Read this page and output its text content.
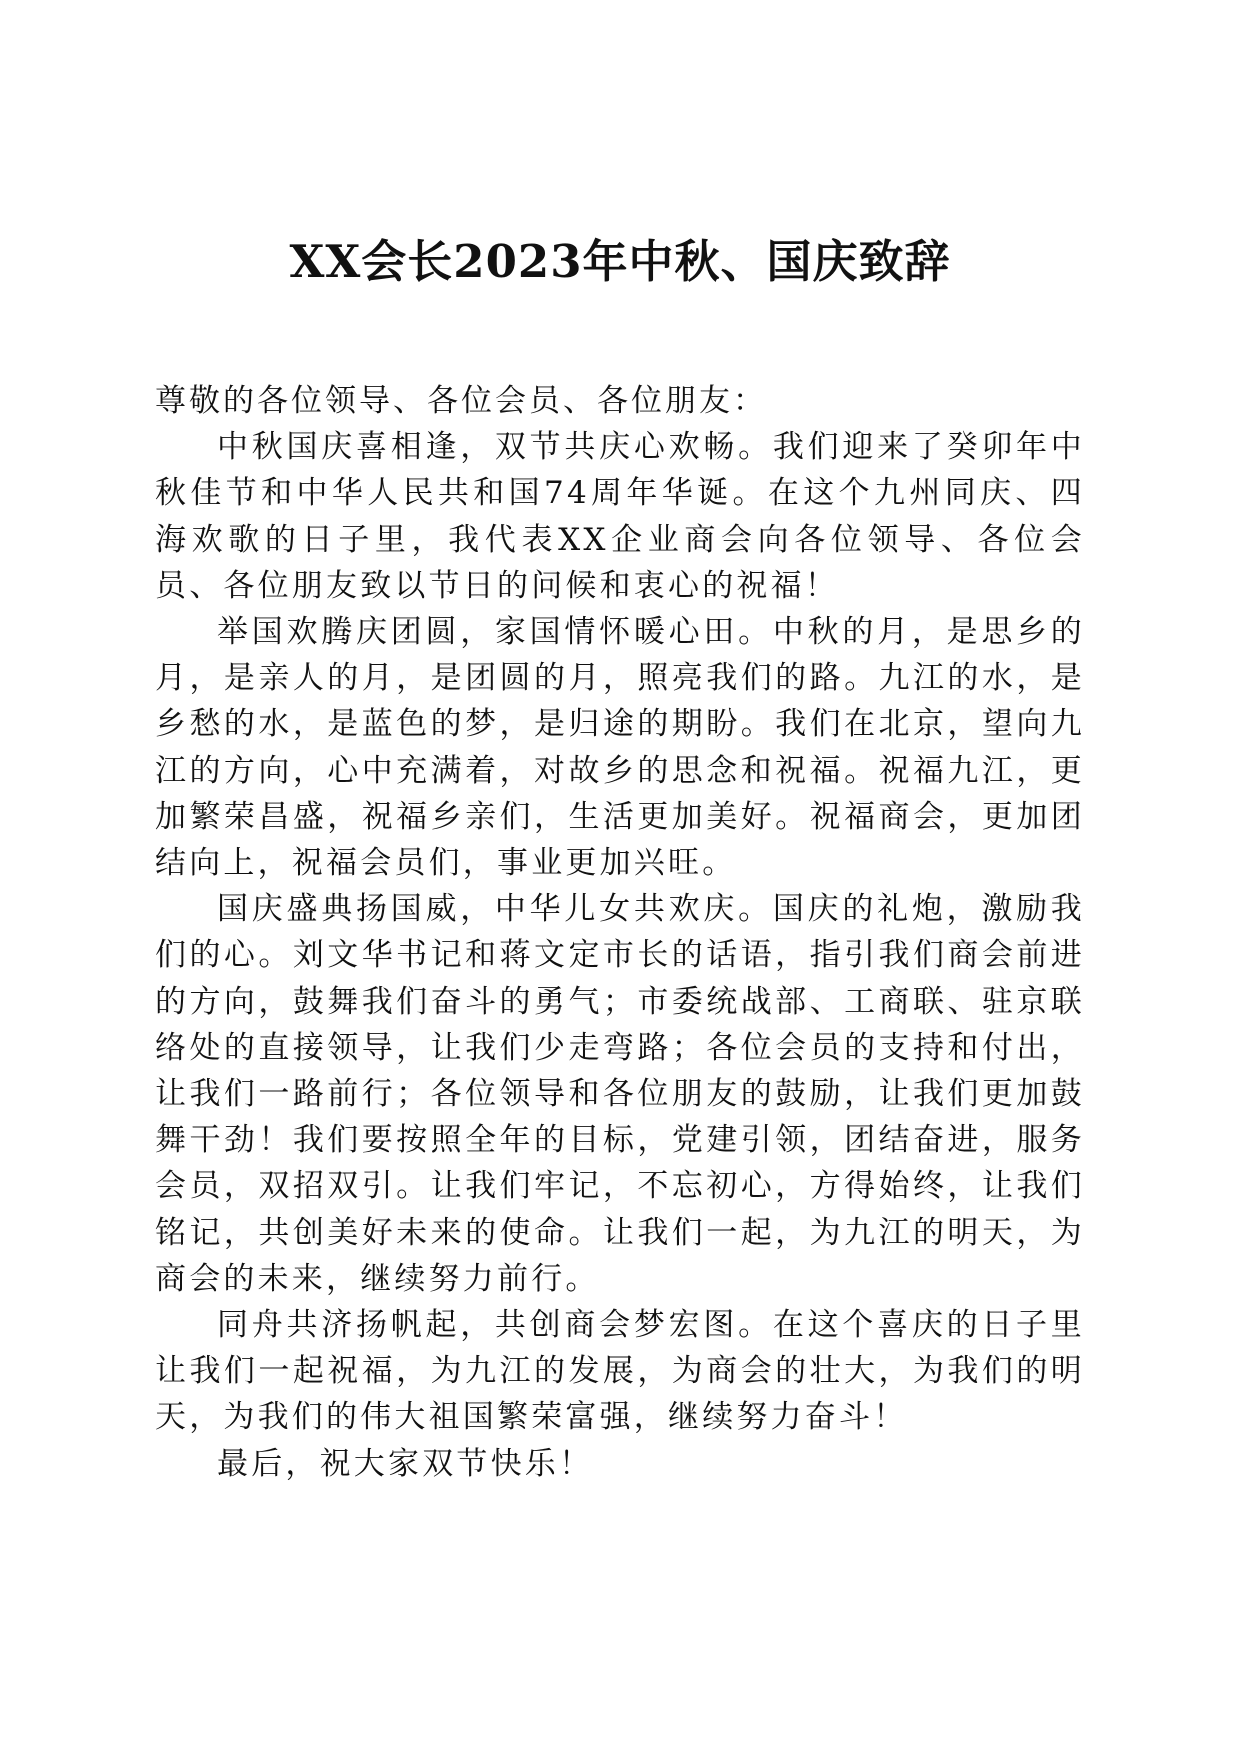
XX会长2023年中秋、国庆致辞

尊敬的各位领导、各位会员、各位朋友：

中秋国庆喜相逢，双节共庆心欢畅。我们迎来了癸卯年中秋佳节和中华人民共和国74周年华诞。在这个九州同庆、四海欢歌的日子里，我代表XX企业商会向各位领导、各位会员、各位朋友致以节日的问候和衷心的祝福！

举国欢腾庆团圆，家国情怀暖心田。中秋的月，是思乡的月，是亲人的月，是团圆的月，照亮我们的路。九江的水，是乡愁的水，是蓝色的梦，是归途的期盼。我们在北京，望向九江的方向，心中充满着，对故乡的思念和祝福。祝福九江，更加繁荣昌盛，祝福乡亲们，生活更加美好。祝福商会，更加团结向上，祝福会员们，事业更加兴旺。

国庆盛典扬国威，中华儿女共欢庆。国庆的礼炮，激励我们的心。刘文华书记和蒋文定市长的话语，指引我们商会前进的方向，鼓舞我们奋斗的勇气；市委统战部、工商联、驻京联络处的直接领导，让我们少走弯路；各位会员的支持和付出，让我们一路前行；各位领导和各位朋友的鼓励，让我们更加鼓舞干劲！我们要按照全年的目标，党建引领，团结奋进，服务会员，双招双引。让我们牢记，不忘初心，方得始终，让我们铭记，共创美好未来的使命。让我们一起，为九江的明天，为商会的未来，继续努力前行。

同舟共济扬帆起，共创商会梦宏图。在这个喜庆的日子里让我们一起祝福，为九江的发展，为商会的壮大，为我们的明天，为我们的伟大祖国繁荣富强，继续努力奋斗！

最后，祝大家双节快乐！
